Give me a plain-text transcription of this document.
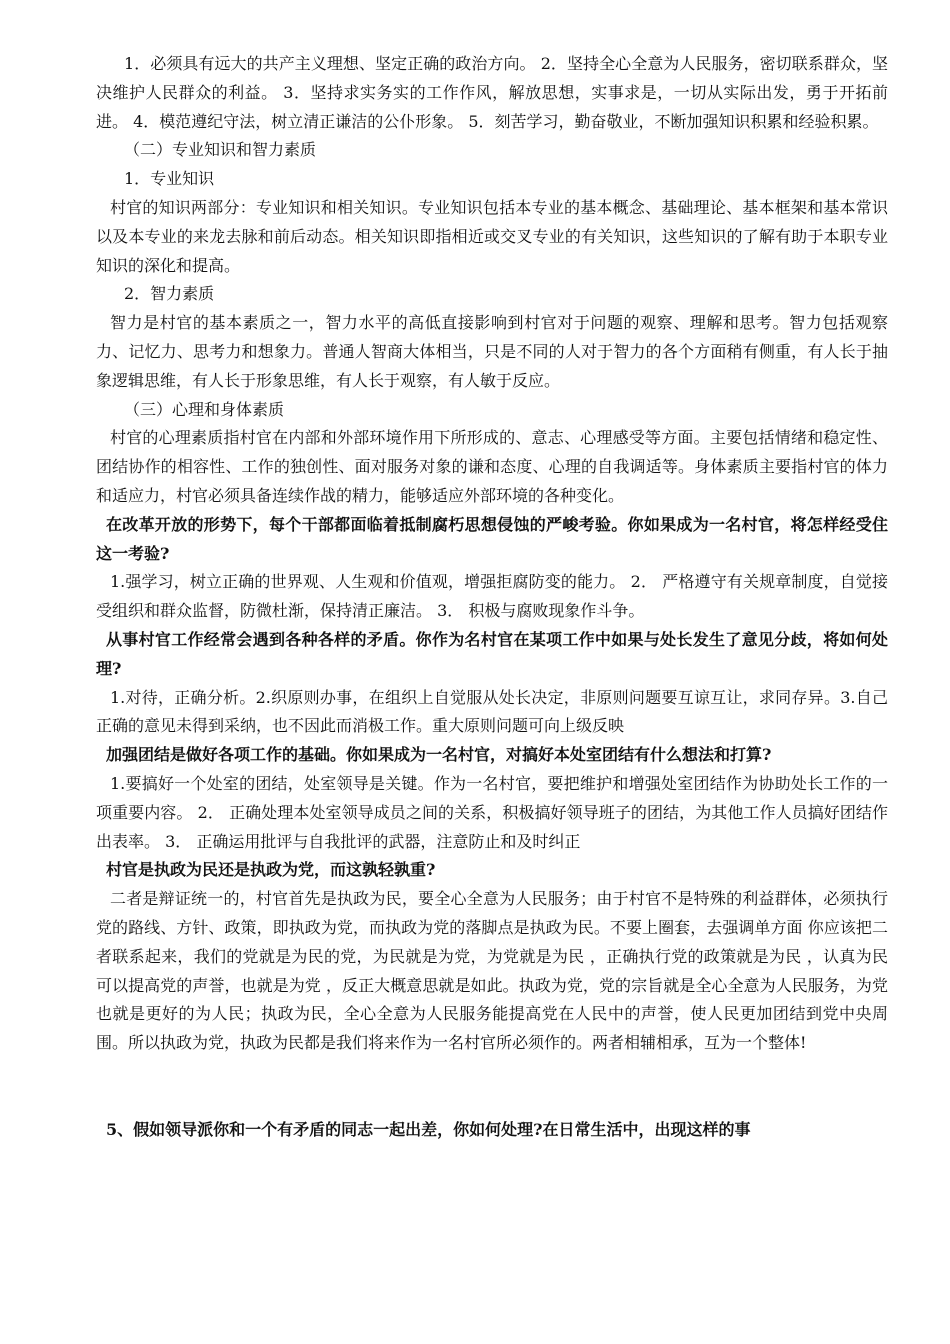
1．必须具有远大的共产主义理想、坚定正确的政治方向。 2．坚持全心全意为人民服务，密切联系群众，坚决维护人民群众的利益。 3．坚持求实务实的工作作风，解放思想，实事求是，一切从实际出发，勇于开拓前进。 4．模范遵纪守法，树立清正谦洁的公仆形象。 5．刻苦学习，勤奋敬业，不断加强知识积累和经验积累。

（二）专业知识和智力素质

1．专业知识

村官的知识两部分：专业知识和相关知识。专业知识包括本专业的基本概念、基础理论、基本框架和基本常识以及本专业的来龙去脉和前后动态。相关知识即指相近或交叉专业的有关知识，这些知识的了解有助于本职专业知识的深化和提高。

2．智力素质

智力是村官的基本素质之一，智力水平的高低直接影响到村官对于问题的观察、理解和思考。智力包括观察力、记忆力、思考力和想象力。普通人智商大体相当，只是不同的人对于智力的各个方面稍有侧重，有人长于抽象逻辑思维，有人长于形象思维，有人长于观察，有人敏于反应。

（三）心理和身体素质

村官的心理素质指村官在内部和外部环境作用下所形成的、意志、心理感受等方面。主要包括情绪和稳定性、团结协作的相容性、工作的独创性、面对服务对象的谦和态度、心理的自我调适等。身体素质主要指村官的体力和适应力，村官必须具备连续作战的精力，能够适应外部环境的各种变化。

在改革开放的形势下，每个干部都面临着抵制腐朽思想侵蚀的严峻考验。你如果成为一名村官，将怎样经受住这一考验?

1.强学习，树立正确的世界观、人生观和价值观，增强拒腐防变的能力。 2． 严格遵守有关规章制度，自觉接受组织和群众监督，防微杜渐，保持清正廉洁。 3． 积极与腐败现象作斗争。

从事村官工作经常会遇到各种各样的矛盾。你作为名村官在某项工作中如果与处长发生了意见分歧，将如何处理?

1.对待，正确分析。2.织原则办事，在组织上自觉服从处长决定，非原则问题要互谅互让，求同存异。3.自己正确的意见未得到采纳，也不因此而消极工作。重大原则问题可向上级反映

加强团结是做好各项工作的基础。你如果成为一名村官，对搞好本处室团结有什么想法和打算?

1.要搞好一个处室的团结，处室领导是关键。作为一名村官，要把维护和增强处室团结作为协助处长工作的一项重要内容。 2． 正确处理本处室领导成员之间的关系，积极搞好领导班子的团结，为其他工作人员搞好团结作出表率。 3． 正确运用批评与自我批评的武器，注意防止和及时纠正

村官是执政为民还是执政为党，而这孰轻孰重?

二者是辩证统一的，村官首先是执政为民，要全心全意为人民服务；由于村官不是特殊的利益群体，必须执行党的路线、方针、政策，即执政为党，而执政为党的落脚点是执政为民。不要上圈套，去强调单方面 你应该把二者联系起来，我们的党就是为民的党，为民就是为党，为党就是为民 ，正确执行党的政策就是为民 ，认真为民可以提高党的声誉，也就是为党 ，反正大概意思就是如此。执政为党，党的宗旨就是全心全意为人民服务，为党也就是更好的为人民；执政为民，全心全意为人民服务能提高党在人民中的声誉，使人民更加团结到党中央周围。所以执政为党，执政为民都是我们将来作为一名村官所必须作的。两者相辅相承，互为一个整体!

5、假如领导派你和一个有矛盾的同志一起出差，你如何处理?在日常生活中，出现这样的事
